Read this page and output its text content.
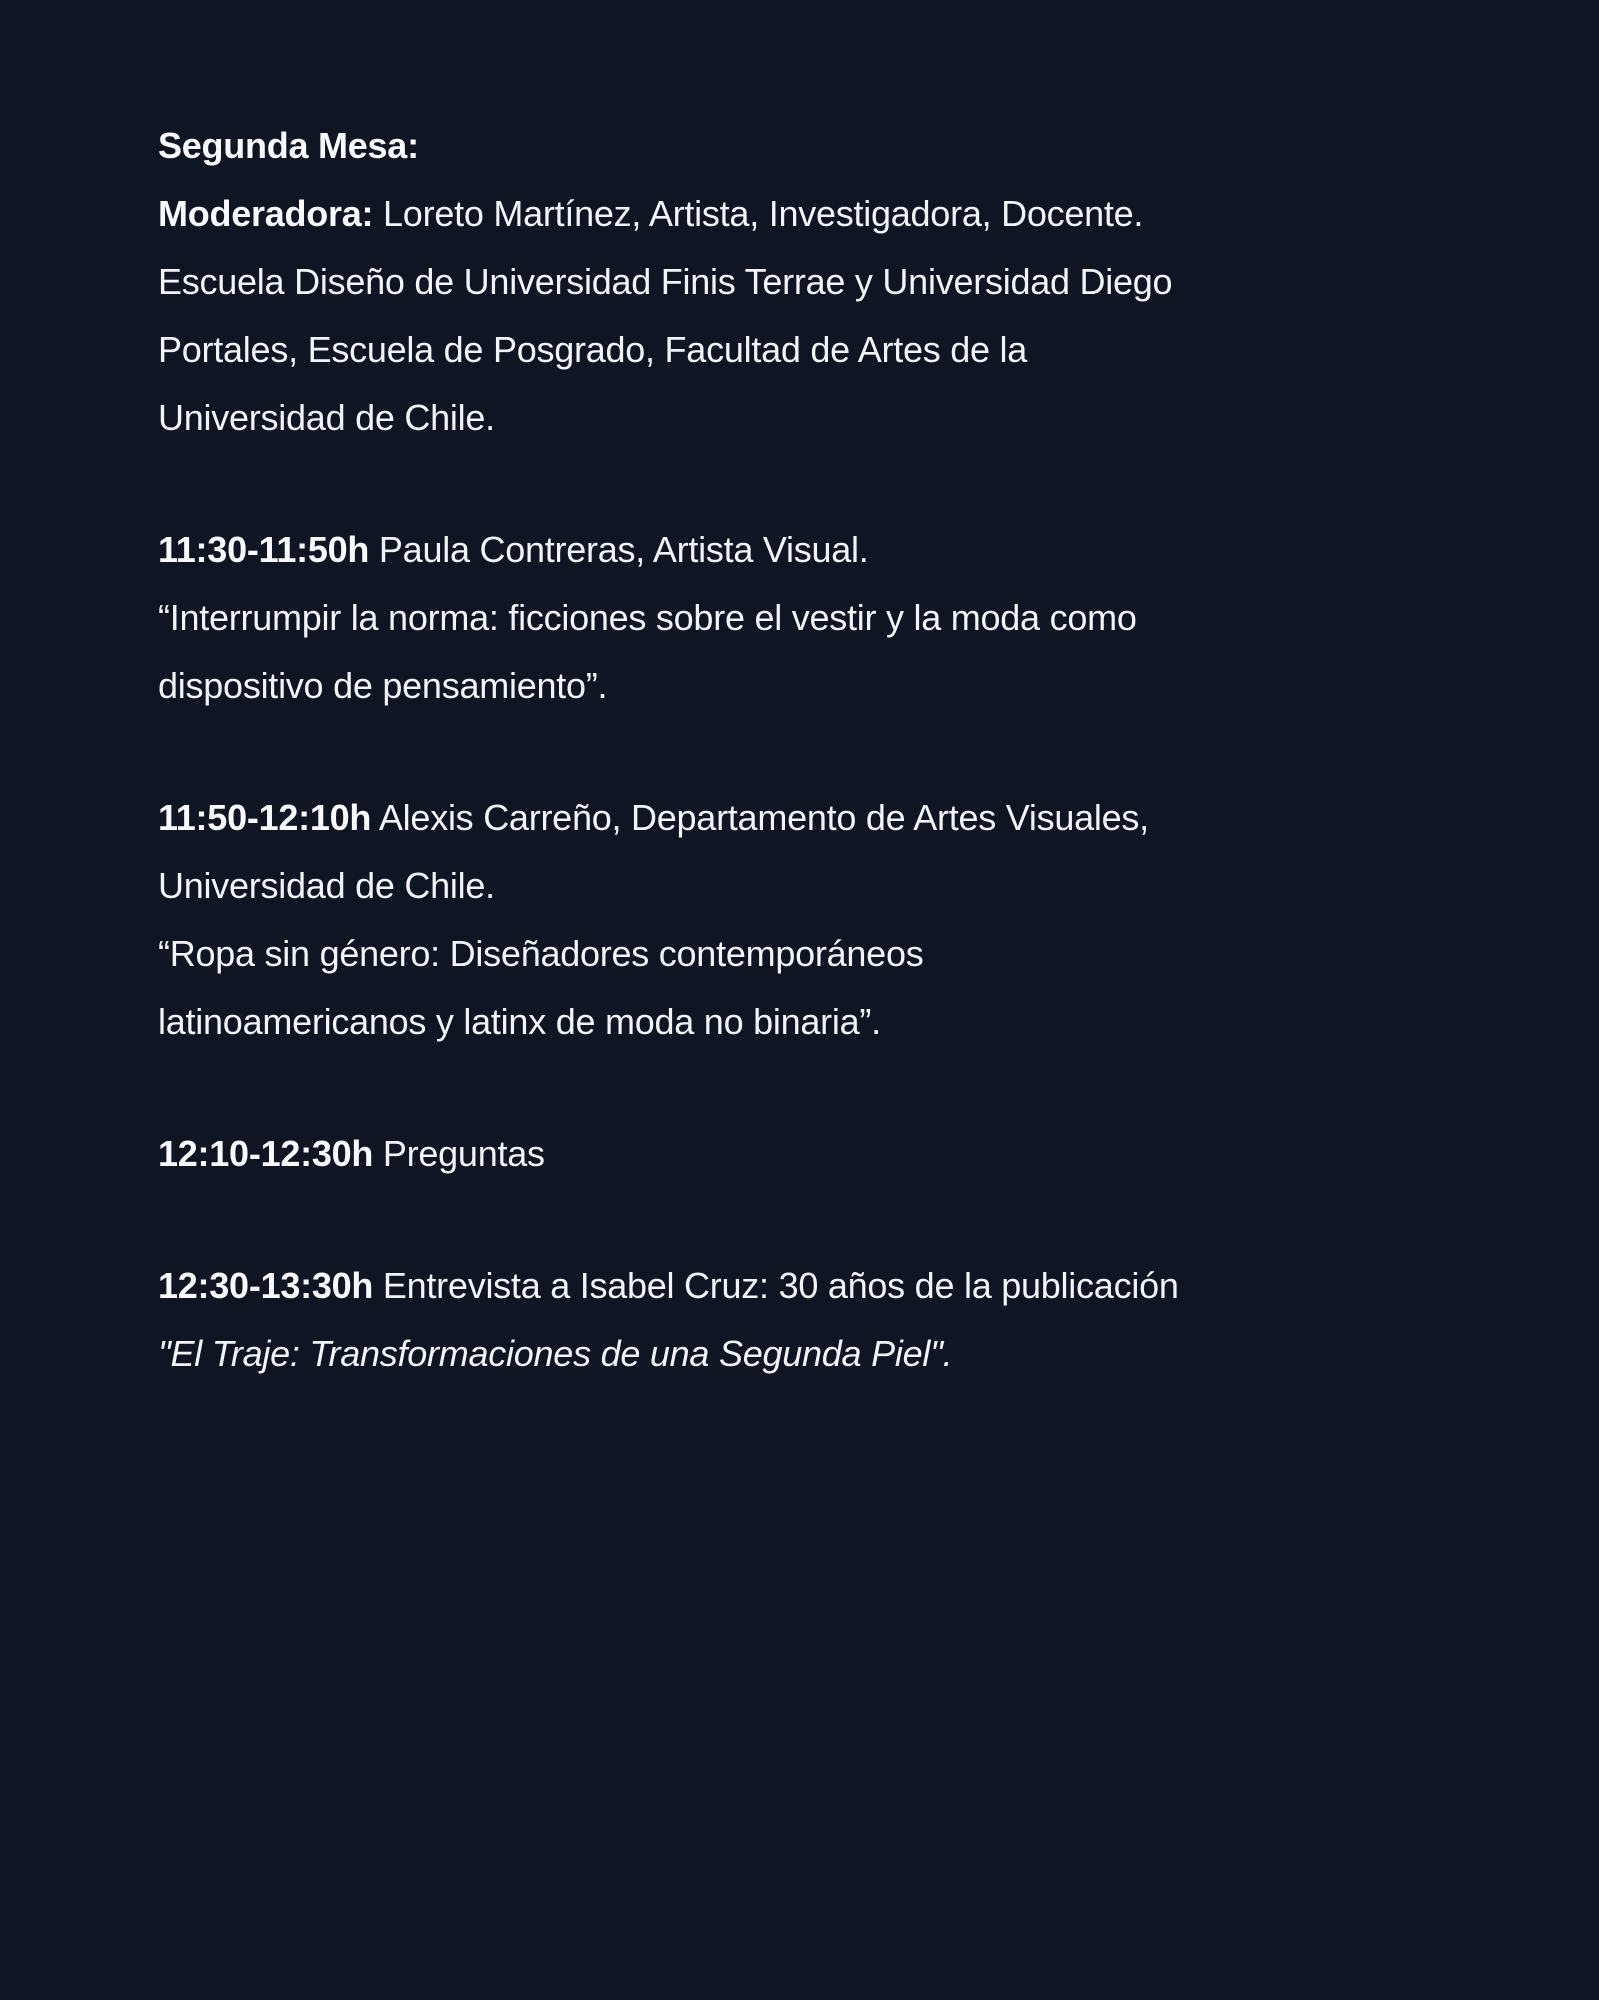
Segunda Mesa:
Moderadora: Loreto Martínez, Artista, Investigadora, Docente.
Escuela Diseño de Universidad Finis Terrae y Universidad Diego
Portales, Escuela de Posgrado, Facultad de Artes de la
Universidad de Chile.
11:30-11:50h Paula Contreras, Artista Visual.
“Interrumpir la norma: ficciones sobre el vestir y la moda como
dispositivo de pensamiento”.
11:50-12:10h Alexis Carreño, Departamento de Artes Visuales,
Universidad de Chile.
“Ropa sin género: Diseñadores contemporáneos
latinoamericanos y latinx de moda no binaria”.
12:10-12:30h Preguntas
12:30-13:30h Entrevista a Isabel Cruz: 30 años de la publicación
"El Traje: Transformaciones de una Segunda Piel".
